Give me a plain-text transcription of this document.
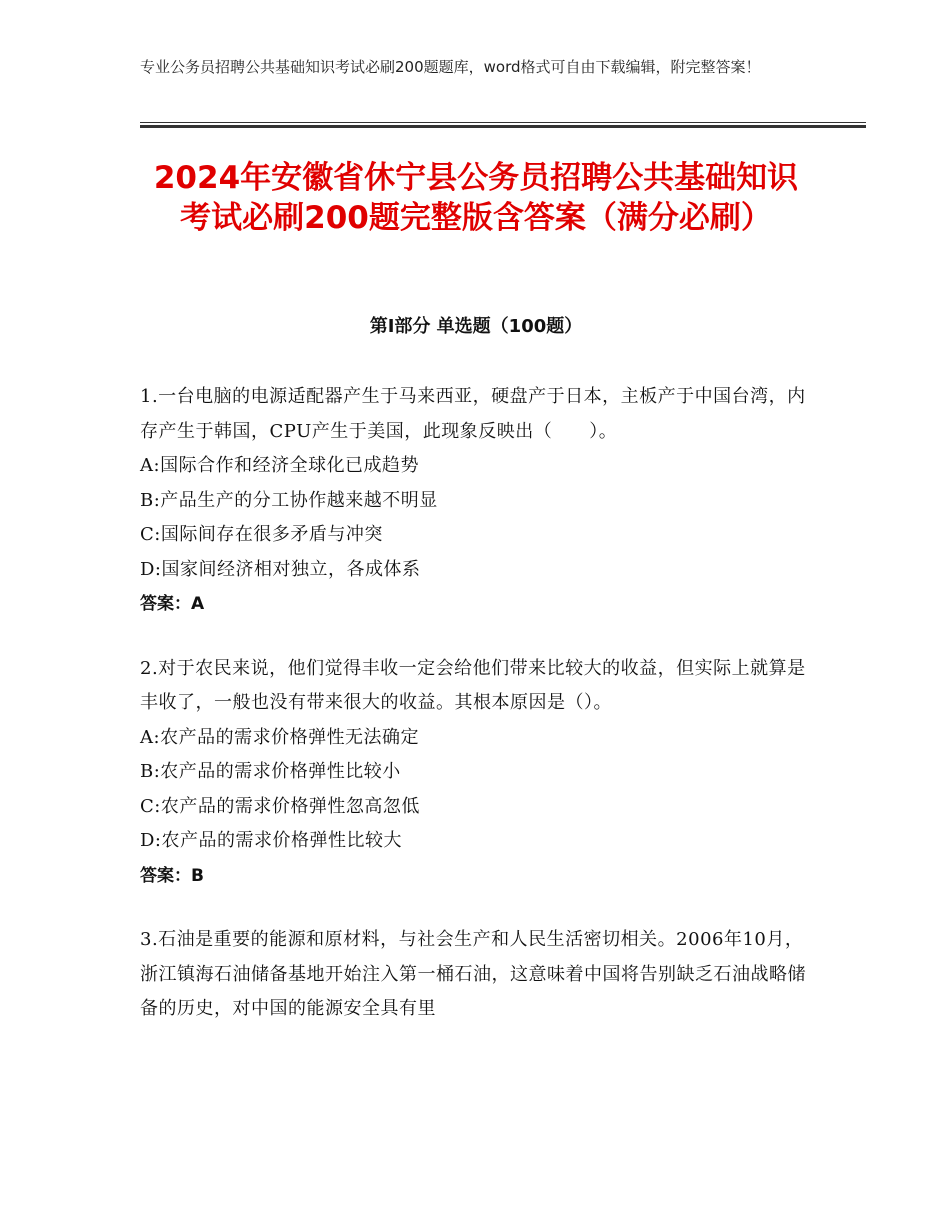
专业公务员招聘公共基础知识考试必刷200题题库，word格式可自由下载编辑，附完整答案！
2024年安徽省休宁县公务员招聘公共基础知识考试必刷200题完整版含答案（满分必刷）
第Ⅰ部分 单选题（100题）

1.一台电脑的电源适配器产生于马来西亚，硬盘产于日本，主板产于中国台湾，内存产生于韩国，CPU产生于美国，此现象反映出（　　）。

A:国际合作和经济全球化已成趋势

B:产品生产的分工协作越来越不明显

C:国际间存在很多矛盾与冲突

D:国家间经济相对独立，各成体系

答案：A

2.对于农民来说，他们觉得丰收一定会给他们带来比较大的收益，但实际上就算是丰收了，一般也没有带来很大的收益。其根本原因是（）。

A:农产品的需求价格弹性无法确定

B:农产品的需求价格弹性比较小

C:农产品的需求价格弹性忽高忽低

D:农产品的需求价格弹性比较大

答案：B

3.石油是重要的能源和原材料，与社会生产和人民生活密切相关。2006年10月，浙江镇海石油储备基地开始注入第一桶石油，这意味着中国将告别缺乏石油战略储备的历史，对中国的能源安全具有里
